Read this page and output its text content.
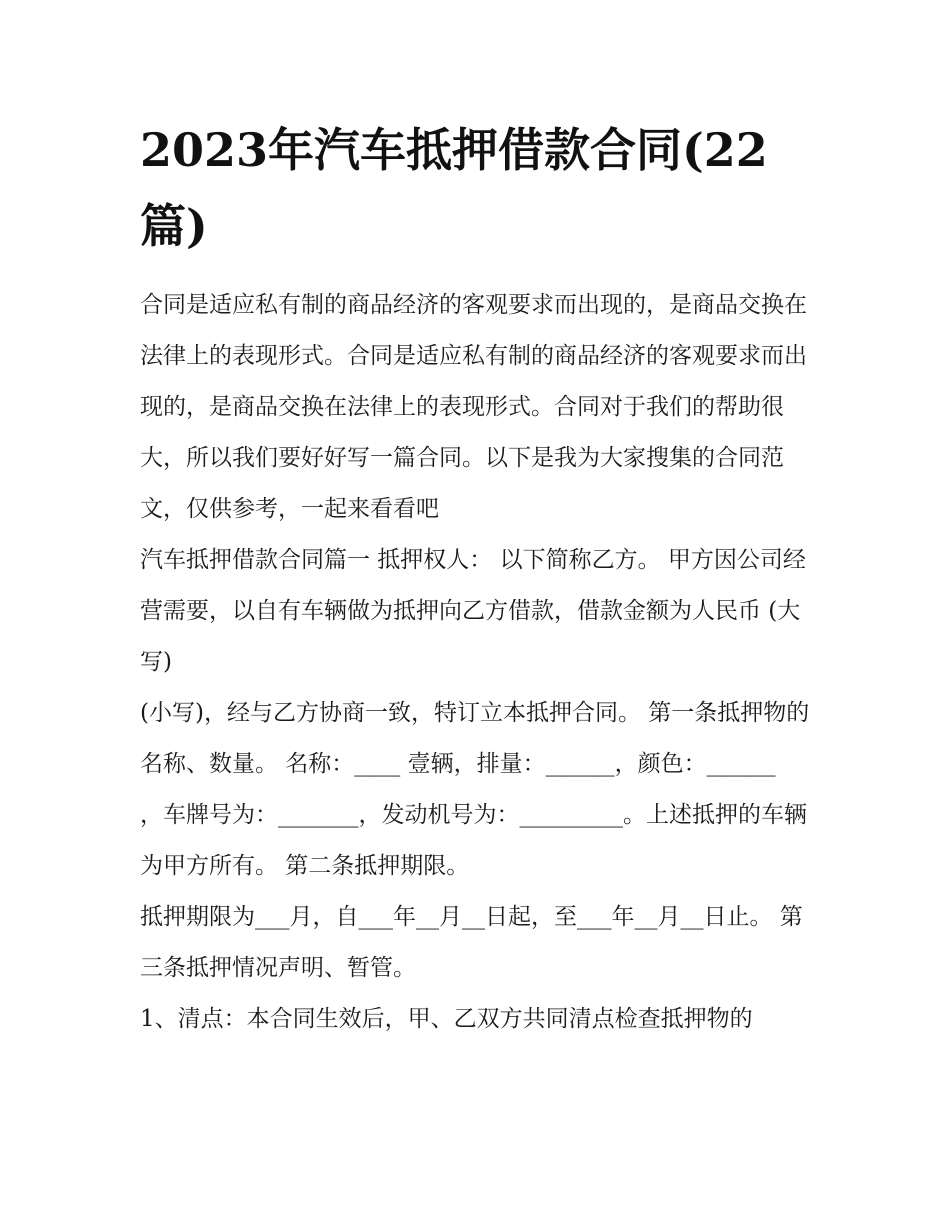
2023年汽车抵押借款合同(22篇)

合同是适应私有制的商品经济的客观要求而出现的，是商品交换在法律上的表现形式。合同是适应私有制的商品经济的客观要求而出现的，是商品交换在法律上的表现形式。合同对于我们的帮助很大，所以我们要好好写一篇合同。以下是我为大家搜集的合同范文，仅供参考，一起来看看吧

汽车抵押借款合同篇一 抵押权人： 以下简称乙方。 甲方因公司经营需要，以自有车辆做为抵押向乙方借款，借款金额为人民币 (大写)

(小写)，经与乙方协商一致，特订立本抵押合同。 第一条抵押物的名称、数量。 名称：____ 壹辆，排量：______，颜色：______

，车牌号为：_______，发动机号为：_________。上述抵押的车辆为甲方所有。 第二条抵押期限。

抵押期限为___月，自___年__月__日起，至___年__月__日止。 第三条抵押情况声明、暂管。

1、清点：本合同生效后，甲、乙双方共同清点检查抵押物的
